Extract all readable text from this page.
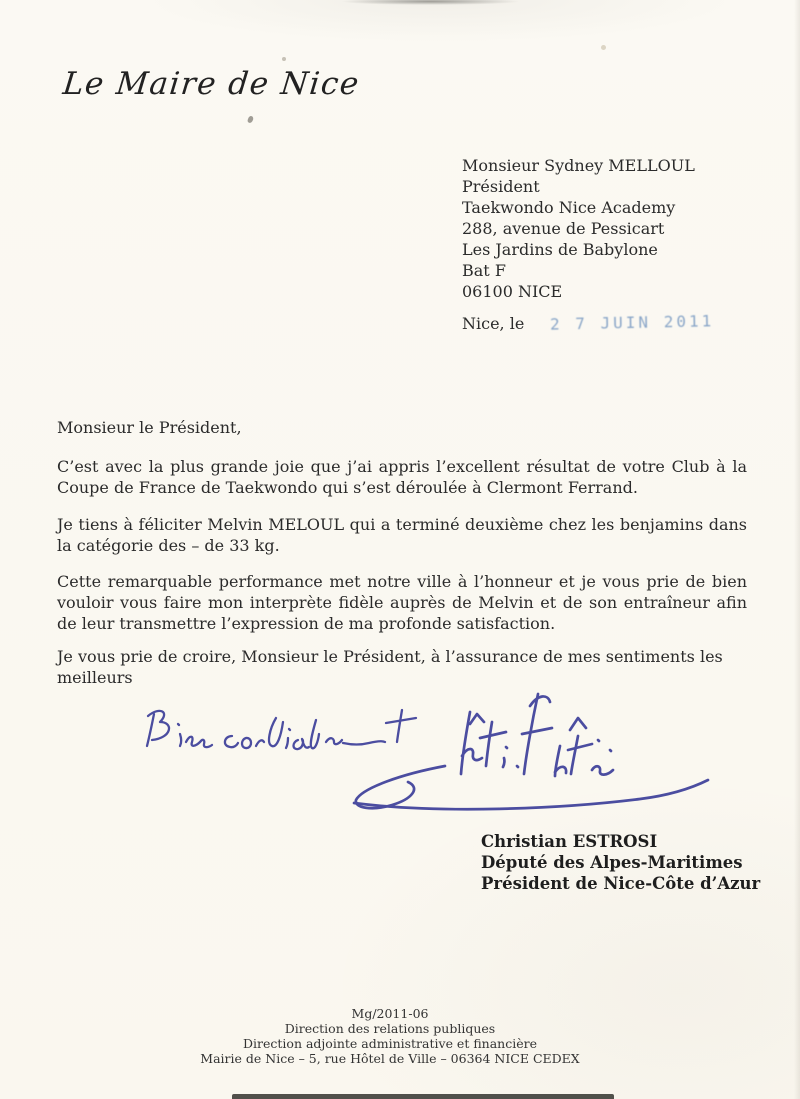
Le Maire de Nice
Monsieur Sydney MELLOUL
Président
Taekwondo Nice Academy
288, avenue de Pessicart
Les Jardins de Babylone
Bat F
06100 NICE
Nice, le 2 7 JUIN 2011

Monsieur le Président,

C’est avec la plus grande joie que j’ai appris l’excellent résultat de votre Club à la Coupe de France de Taekwondo qui s’est déroulée à Clermont Ferrand.

Je tiens à féliciter Melvin MELOUL qui a terminé deuxième chez les benjamins dans la catégorie des – de 33 kg.

Cette remarquable performance met notre ville à l’honneur et je vous prie de bien vouloir vous faire mon interprète fidèle auprès de Melvin et de son entraîneur afin de leur transmettre l’expression de ma profonde satisfaction.

Je vous prie de croire, Monsieur le Président, à l’assurance de mes sentiments les meilleurs

Christian ESTROSI
Député des Alpes-Maritimes
Président de Nice-Côte d’Azur
Mg/2011-06
Direction des relations publiques
Direction adjointe administrative et financière
Mairie de Nice – 5, rue Hôtel de Ville – 06364 NICE CEDEX
